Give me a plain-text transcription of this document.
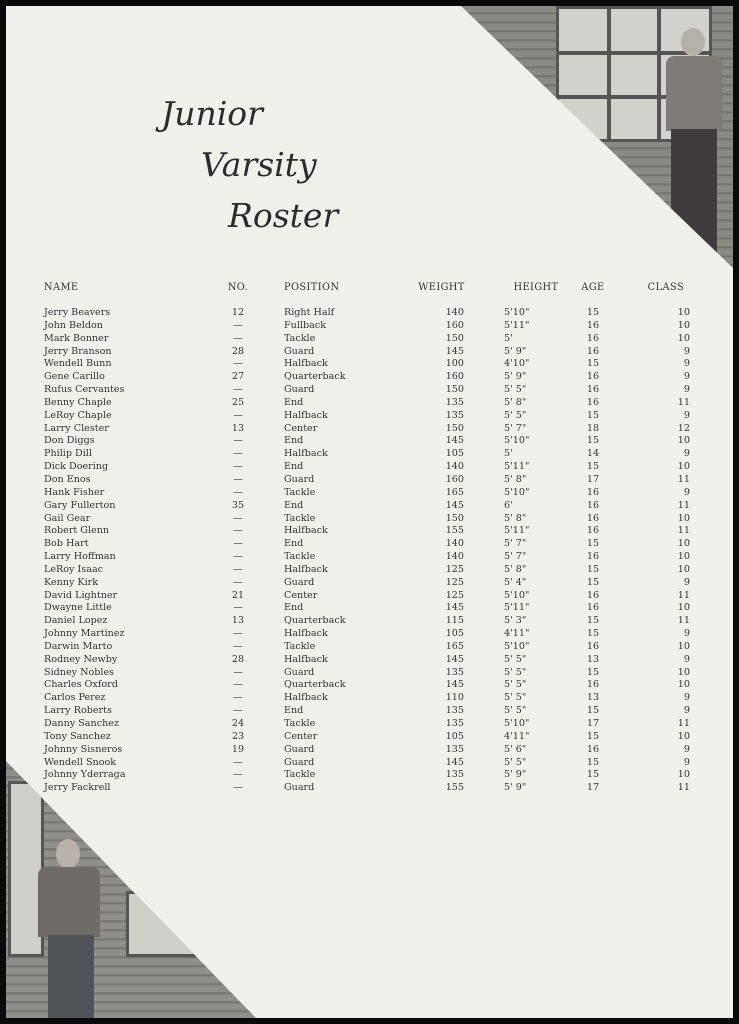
Junior
Varsity
Roster
NAME	NO.	POSITION	WEIGHT	HEIGHT	AGE	CLASS
Jerry Beavers	12	Right Half	140	5'10"	15	10
John Beldon	—	Fullback	160	5'11"	16	10
Mark Bonner	—	Tackle	150	5'	16	10
Jerry Branson	28	Guard	145	5' 9"	16	9
Wendell Bunn	—	Halfback	100	4'10"	15	9
Gene Carillo	27	Quarterback	160	5' 9"	16	9
Rufus Cervantes	—	Guard	150	5' 5"	16	9
Benny Chaple	25	End	135	5' 8"	16	11
LeRoy Chaple	—	Halfback	135	5' 5"	15	9
Larry Clester	13	Center	150	5' 7"	18	12
Don Diggs	—	End	145	5'10"	15	10
Philip Dill	—	Halfback	105	5'	14	9
Dick Doering	—	End	140	5'11"	15	10
Don Enos	—	Guard	160	5' 8"	17	11
Hank Fisher	—	Tackle	165	5'10"	16	9
Gary Fullerton	35	End	145	6'	16	11
Gail Gear	—	Tackle	150	5' 8"	16	10
Robert Glenn	—	Halfback	155	5'11"	16	11
Bob Hart	—	End	140	5' 7"	15	10
Larry Hoffman	—	Tackle	140	5' 7"	16	10
LeRoy Isaac	—	Halfback	125	5' 8"	15	10
Kenny Kirk	—	Guard	125	5' 4"	15	9
David Lightner	21	Center	125	5'10"	16	11
Dwayne Little	—	End	145	5'11"	16	10
Daniel Lopez	13	Quarterback	115	5' 3"	15	11
Johnny Martinez	—	Halfback	105	4'11"	15	9
Darwin Marto	—	Tackle	165	5'10"	16	10
Rodney Newby	28	Halfback	145	5' 5"	13	9
Sidney Nobles	—	Guard	135	5' 5"	15	10
Charles Oxford	—	Quarterback	145	5' 5"	16	10
Carlos Perez	—	Halfback	110	5' 5"	13	9
Larry Roberts	—	End	135	5' 5"	15	9
Danny Sanchez	24	Tackle	135	5'10"	17	11
Tony Sanchez	23	Center	105	4'11"	15	10
Johnny Sisneros	19	Guard	135	5' 6"	16	9
Wendell Snook	—	Guard	145	5' 5"	15	9
Johnny Yderraga	—	Tackle	135	5' 9"	15	10
Jerry Fackrell	—	Guard	155	5' 9"	17	11
